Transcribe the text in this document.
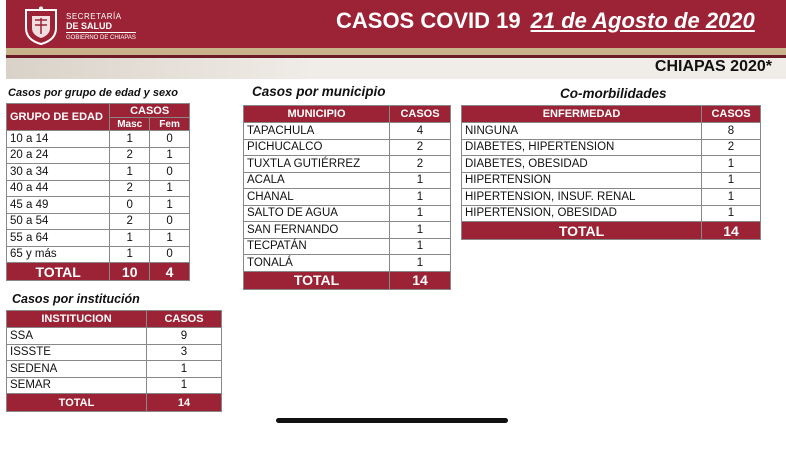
SECRETARÍA
DE SALUD
GOBIERNO DE CHIAPAS
CASOS COVID 19 21 de Agosto de 2020
CHIAPAS 2020*
Casos por grupo de edad y sexo
GRUPO DE EDAD	CASOS	
	Masc	Fem
10 a 14	1	0
20 a 24	2	1
30 a 34	1	0
40 a 44	2	1
45 a 49	0	1
50 a 54	2	0
55 a 64	1	1
65 y más	1	0
TOTAL	10	4
Casos por institución
INSTITUCION	CASOS
SSA	9
ISSSTE	3
SEDENA	1
SEMAR	1
TOTAL	14
Casos por municipio
MUNICIPIO	CASOS
TAPACHULA	4
PICHUCALCO	2
TUXTLA GUTIÉRREZ	2
ACALA	1
CHANAL	1
SALTO DE AGUA	1
SAN FERNANDO	1
TECPATÁN	1
TONALÁ	1
TOTAL	14
Co-morbilidades
ENFERMEDAD	CASOS
NINGUNA	8
DIABETES, HIPERTENSION	2
DIABETES, OBESIDAD	1
HIPERTENSION	1
HIPERTENSION, INSUF. RENAL	1
HIPERTENSION, OBESIDAD	1
TOTAL	14
